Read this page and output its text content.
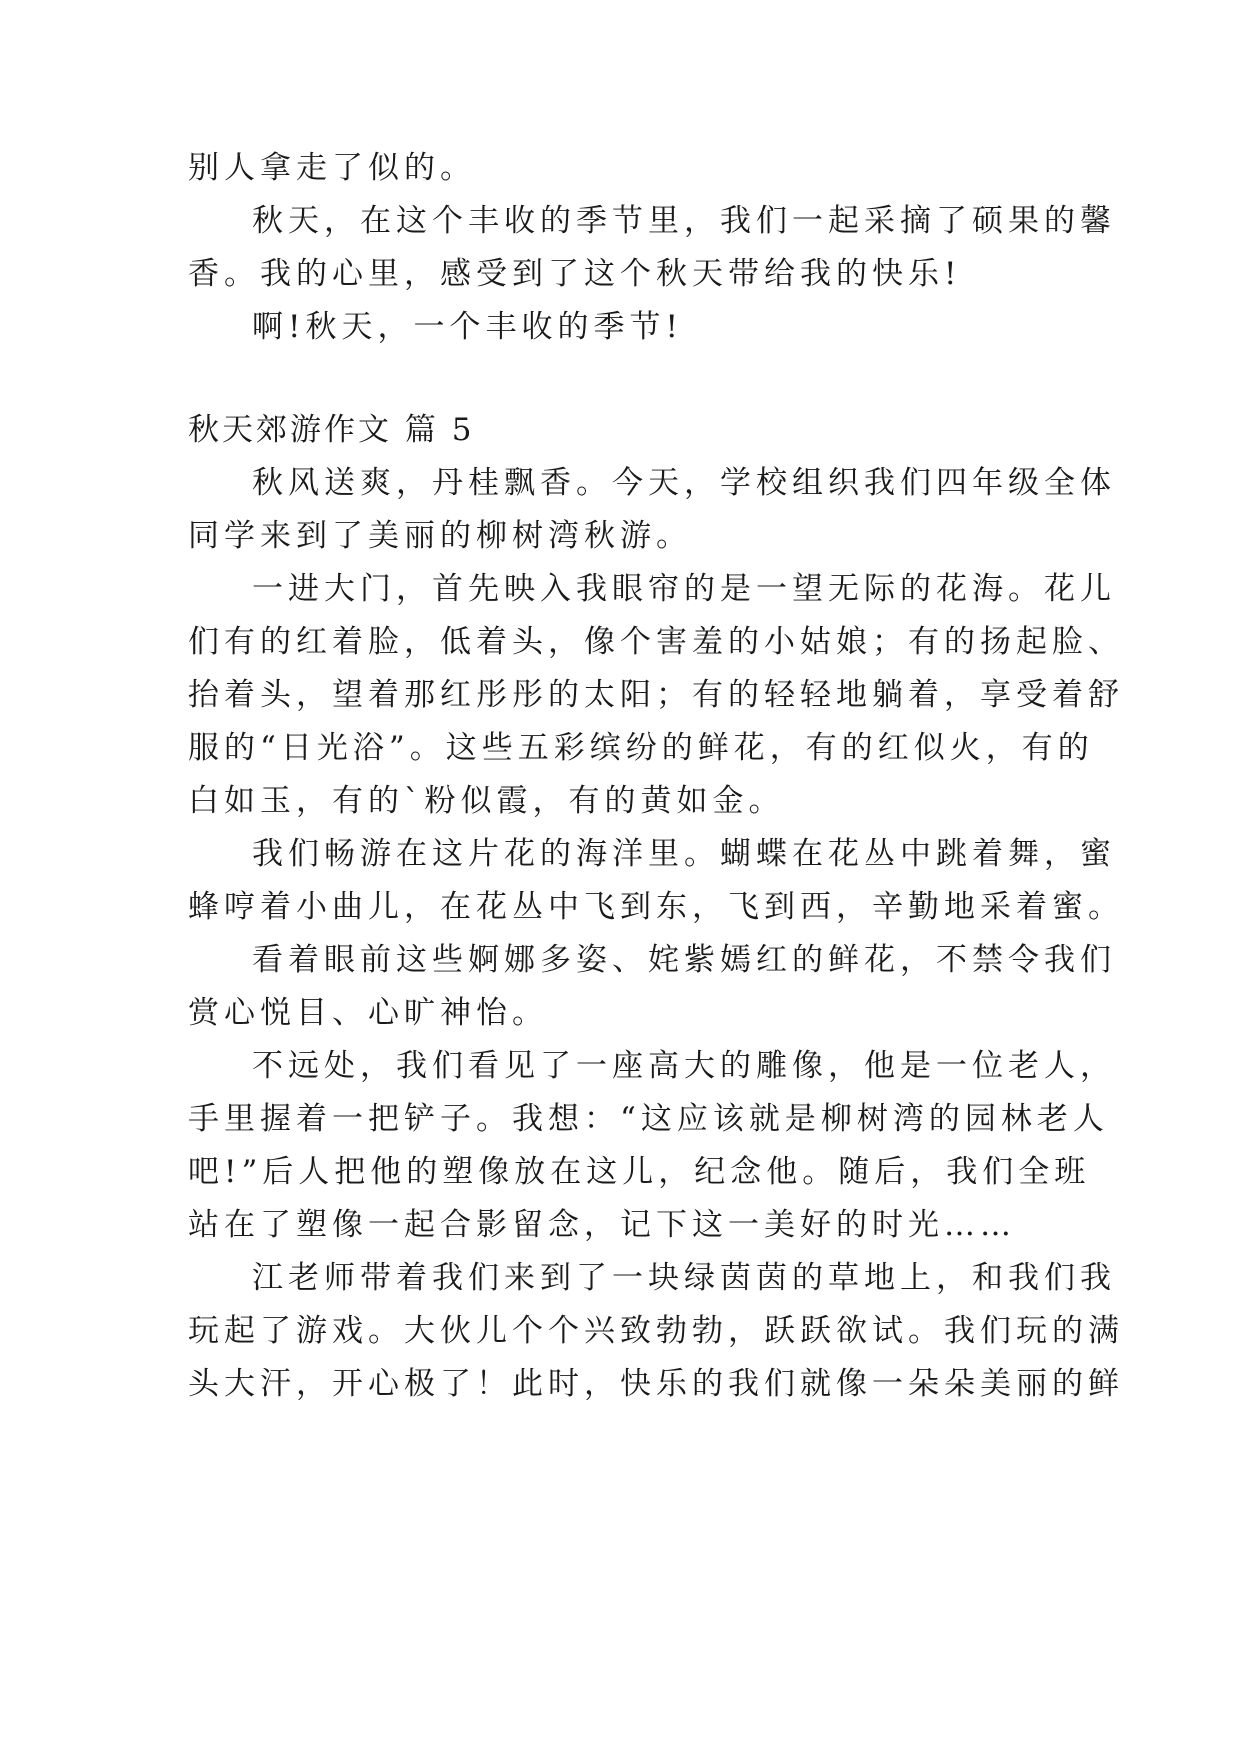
别人拿走了似的。
秋天，在这个丰收的季节里，我们一起采摘了硕果的馨
香。我的心里，感受到了这个秋天带给我的快乐!
啊!秋天，一个丰收的季节!
秋天郊游作文 篇 5
秋风送爽，丹桂飘香。今天，学校组织我们四年级全体
同学来到了美丽的柳树湾秋游。
一进大门，首先映入我眼帘的是一望无际的花海。花儿
们有的红着脸，低着头，像个害羞的小姑娘；有的扬起脸、
抬着头，望着那红彤彤的太阳；有的轻轻地躺着，享受着舒
服的“日光浴”。这些五彩缤纷的鲜花，有的红似火，有的
白如玉，有的`粉似霞，有的黄如金。
我们畅游在这片花的海洋里。蝴蝶在花丛中跳着舞，蜜
蜂哼着小曲儿，在花丛中飞到东，飞到西，辛勤地采着蜜。
看着眼前这些婀娜多姿、姹紫嫣红的鲜花，不禁令我们
赏心悦目、心旷神怡。
不远处，我们看见了一座高大的雕像，他是一位老人，
手里握着一把铲子。我想：“这应该就是柳树湾的园林老人
吧!”后人把他的塑像放在这儿，纪念他。随后，我们全班
站在了塑像一起合影留念，记下这一美好的时光……
江老师带着我们来到了一块绿茵茵的草地上，和我们我
玩起了游戏。大伙儿个个兴致勃勃，跃跃欲试。我们玩的满
头大汗，开心极了！此时，快乐的我们就像一朵朵美丽的鲜
